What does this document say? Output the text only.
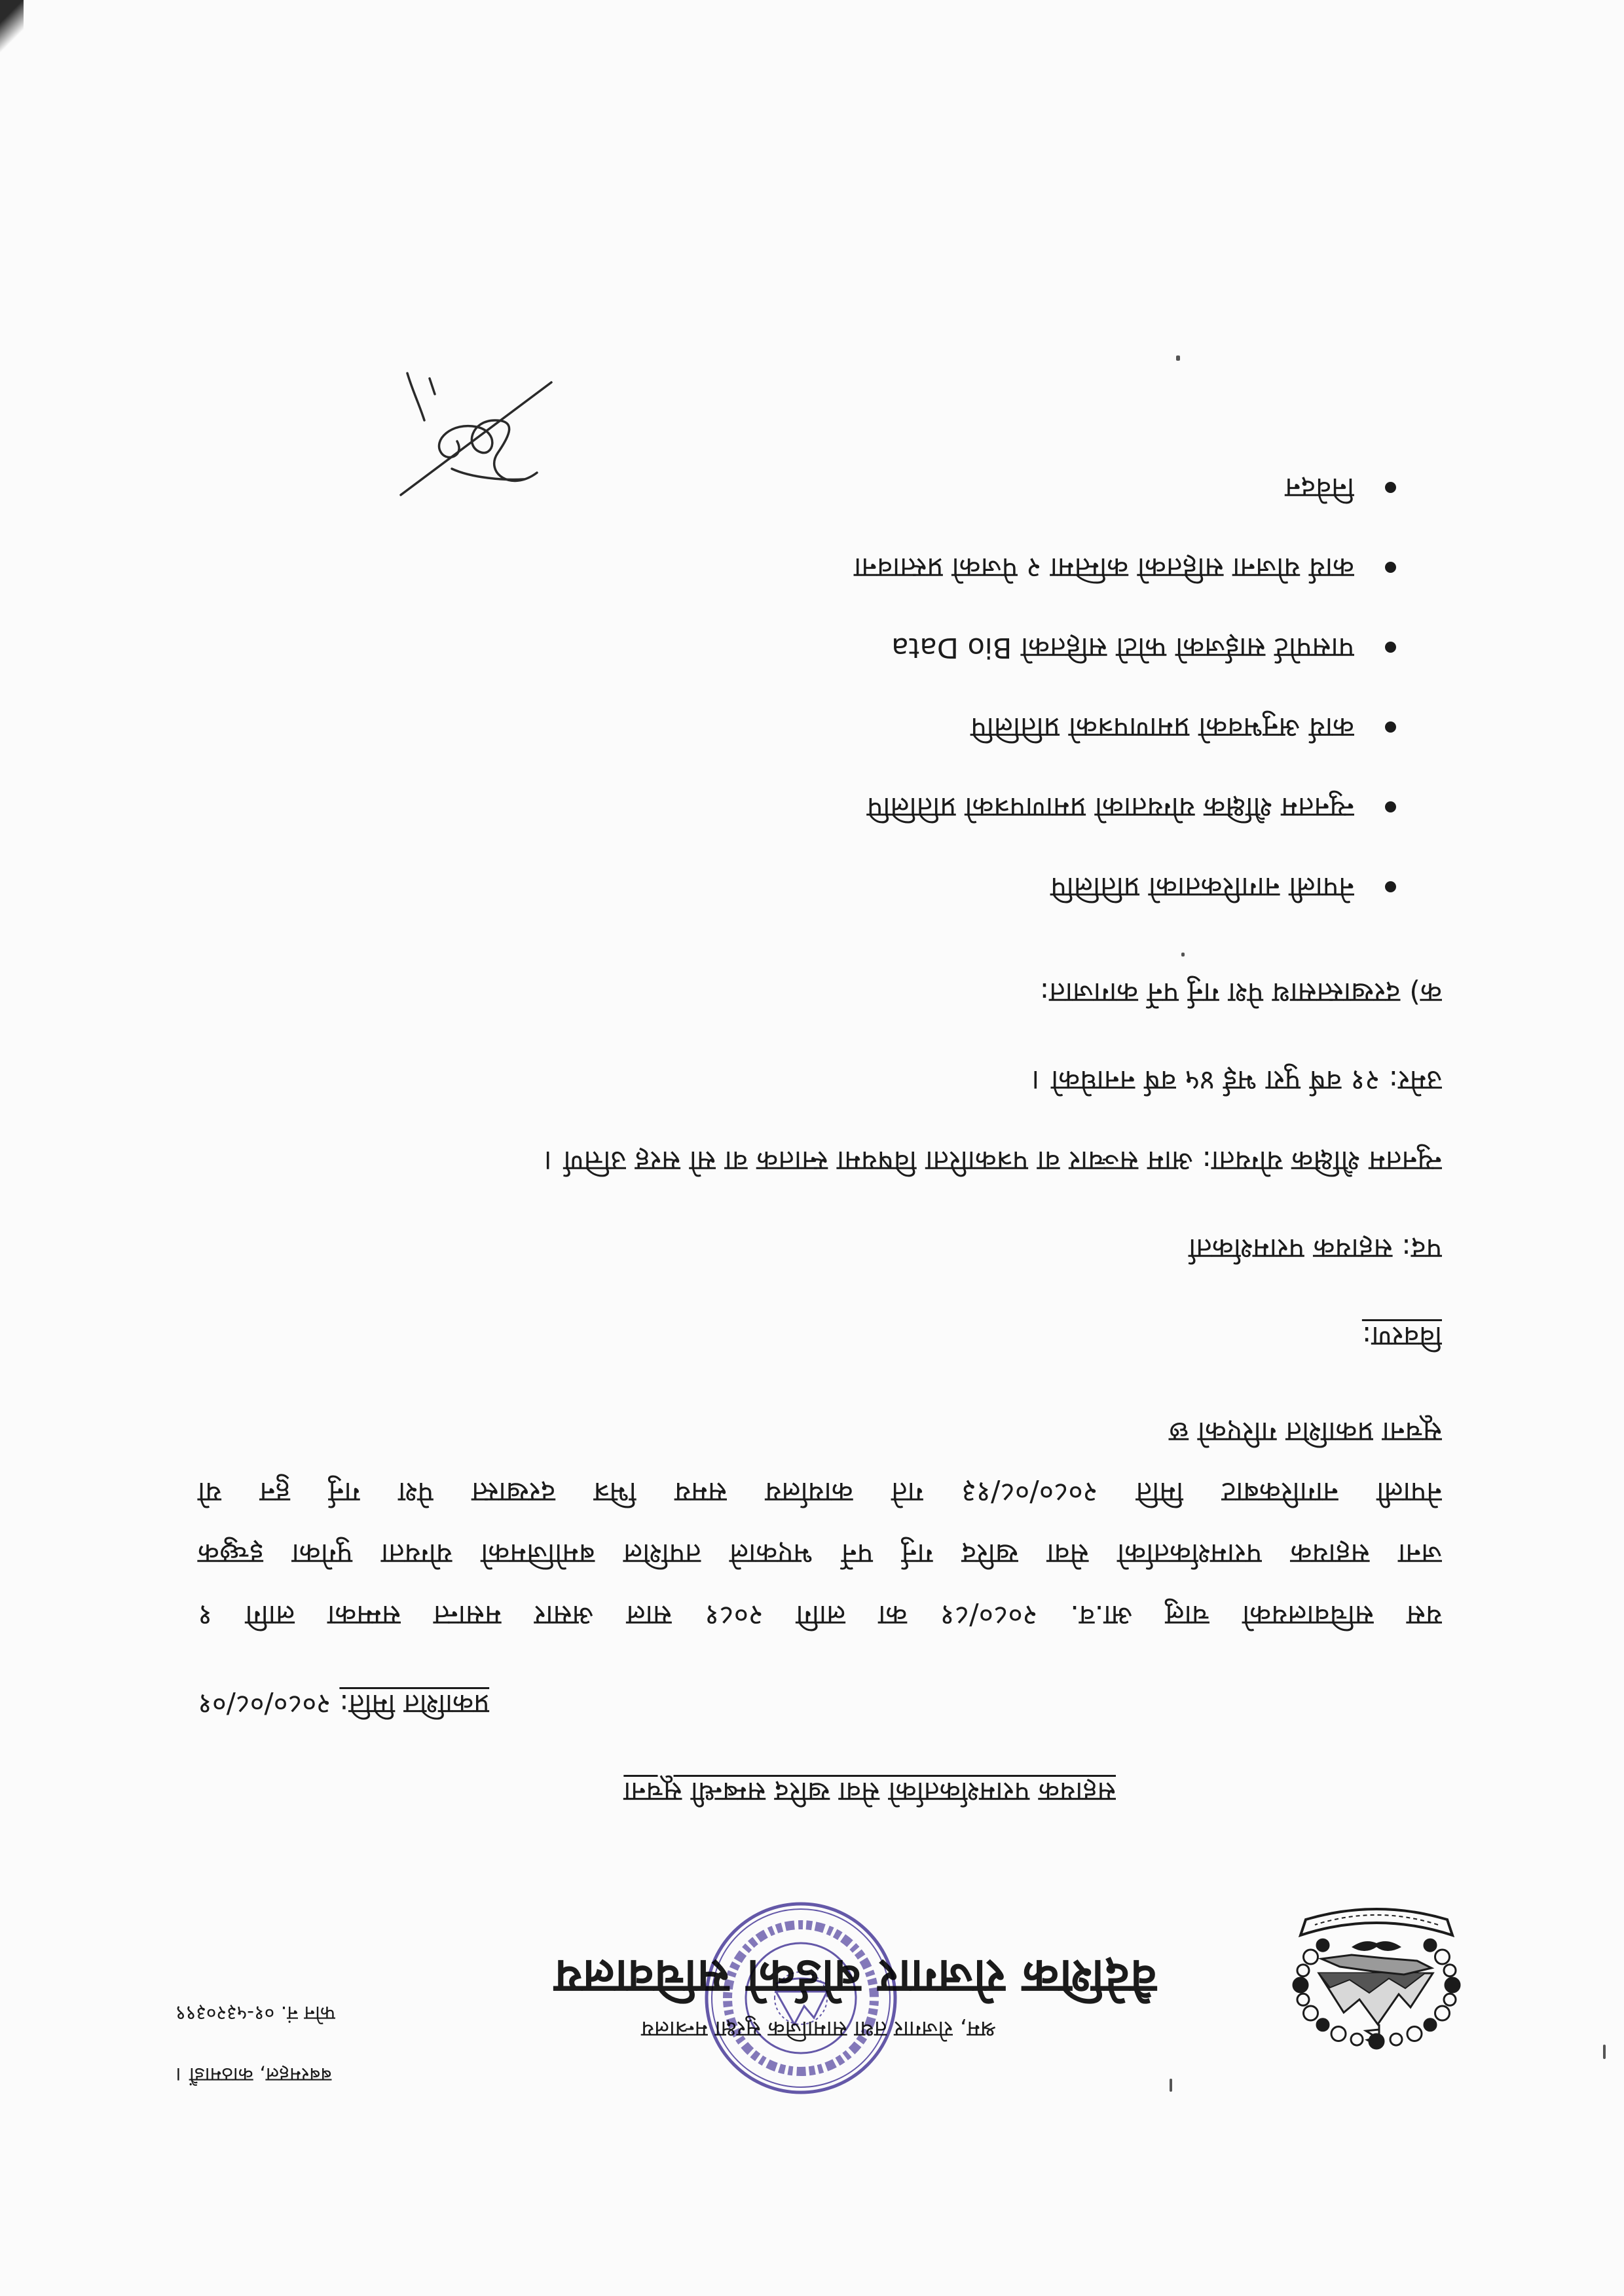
श्रम, रोजगार तथा सामाजिक सुरक्षा मन्त्रालय
वैदेशिक रोजगार बोर्डको सचिवालय
बबरमहल, काठमाडौं ।
फोन नं. ०१-५३२०३९९
सहायक परामर्शकर्ताको सेवा खरिद सम्बन्धी सूचना
प्रकाशित मिति: २०८०/०८/०१
यस सचिवालयको चालु आ.व. २०८०/८१ का लागि २०८१ साल असार मसान्त सम्मका लागि १
जना सहायक परामर्शकर्ताको सेवा खरिद गर्नु पर्ने भएकाले तपशिल बमोजिमको योग्यता पुगेका इच्छुक
नेपाली नागरिकबाट मिति २०८०/०८/१३ गते कार्यालय समय भित्र दरखास्त पेश गर्नु हुन यो
सूचना प्रकाशित गरिएको छ
विवरण:
पद: सहायक परामर्शकर्ता
न्युनतम शैक्षिक योग्यता: आम सञ्चार वा पत्रकारिता विषयमा स्नातक वा सो सरह उत्तिर्ण ।
उमेर: २१ वर्ष पुरा भई ४५ वर्ष ननाघेको ।
क) दरखास्तसाथ पेश गर्नु पर्ने कागजात:
नेपाली नागरिकताको प्रतिलिपि
न्युनतम शैक्षिक योग्यताको प्रमाणपत्रको प्रतिलिपि
कार्य अनुभवको प्रमाणपत्रको प्रतिलिपि
पासपोर्ट साईजको फोटो सहितको Bio Data
कार्य योजना सहितको कम्तिमा २ पेजको प्रस्तावना
निवेदन
